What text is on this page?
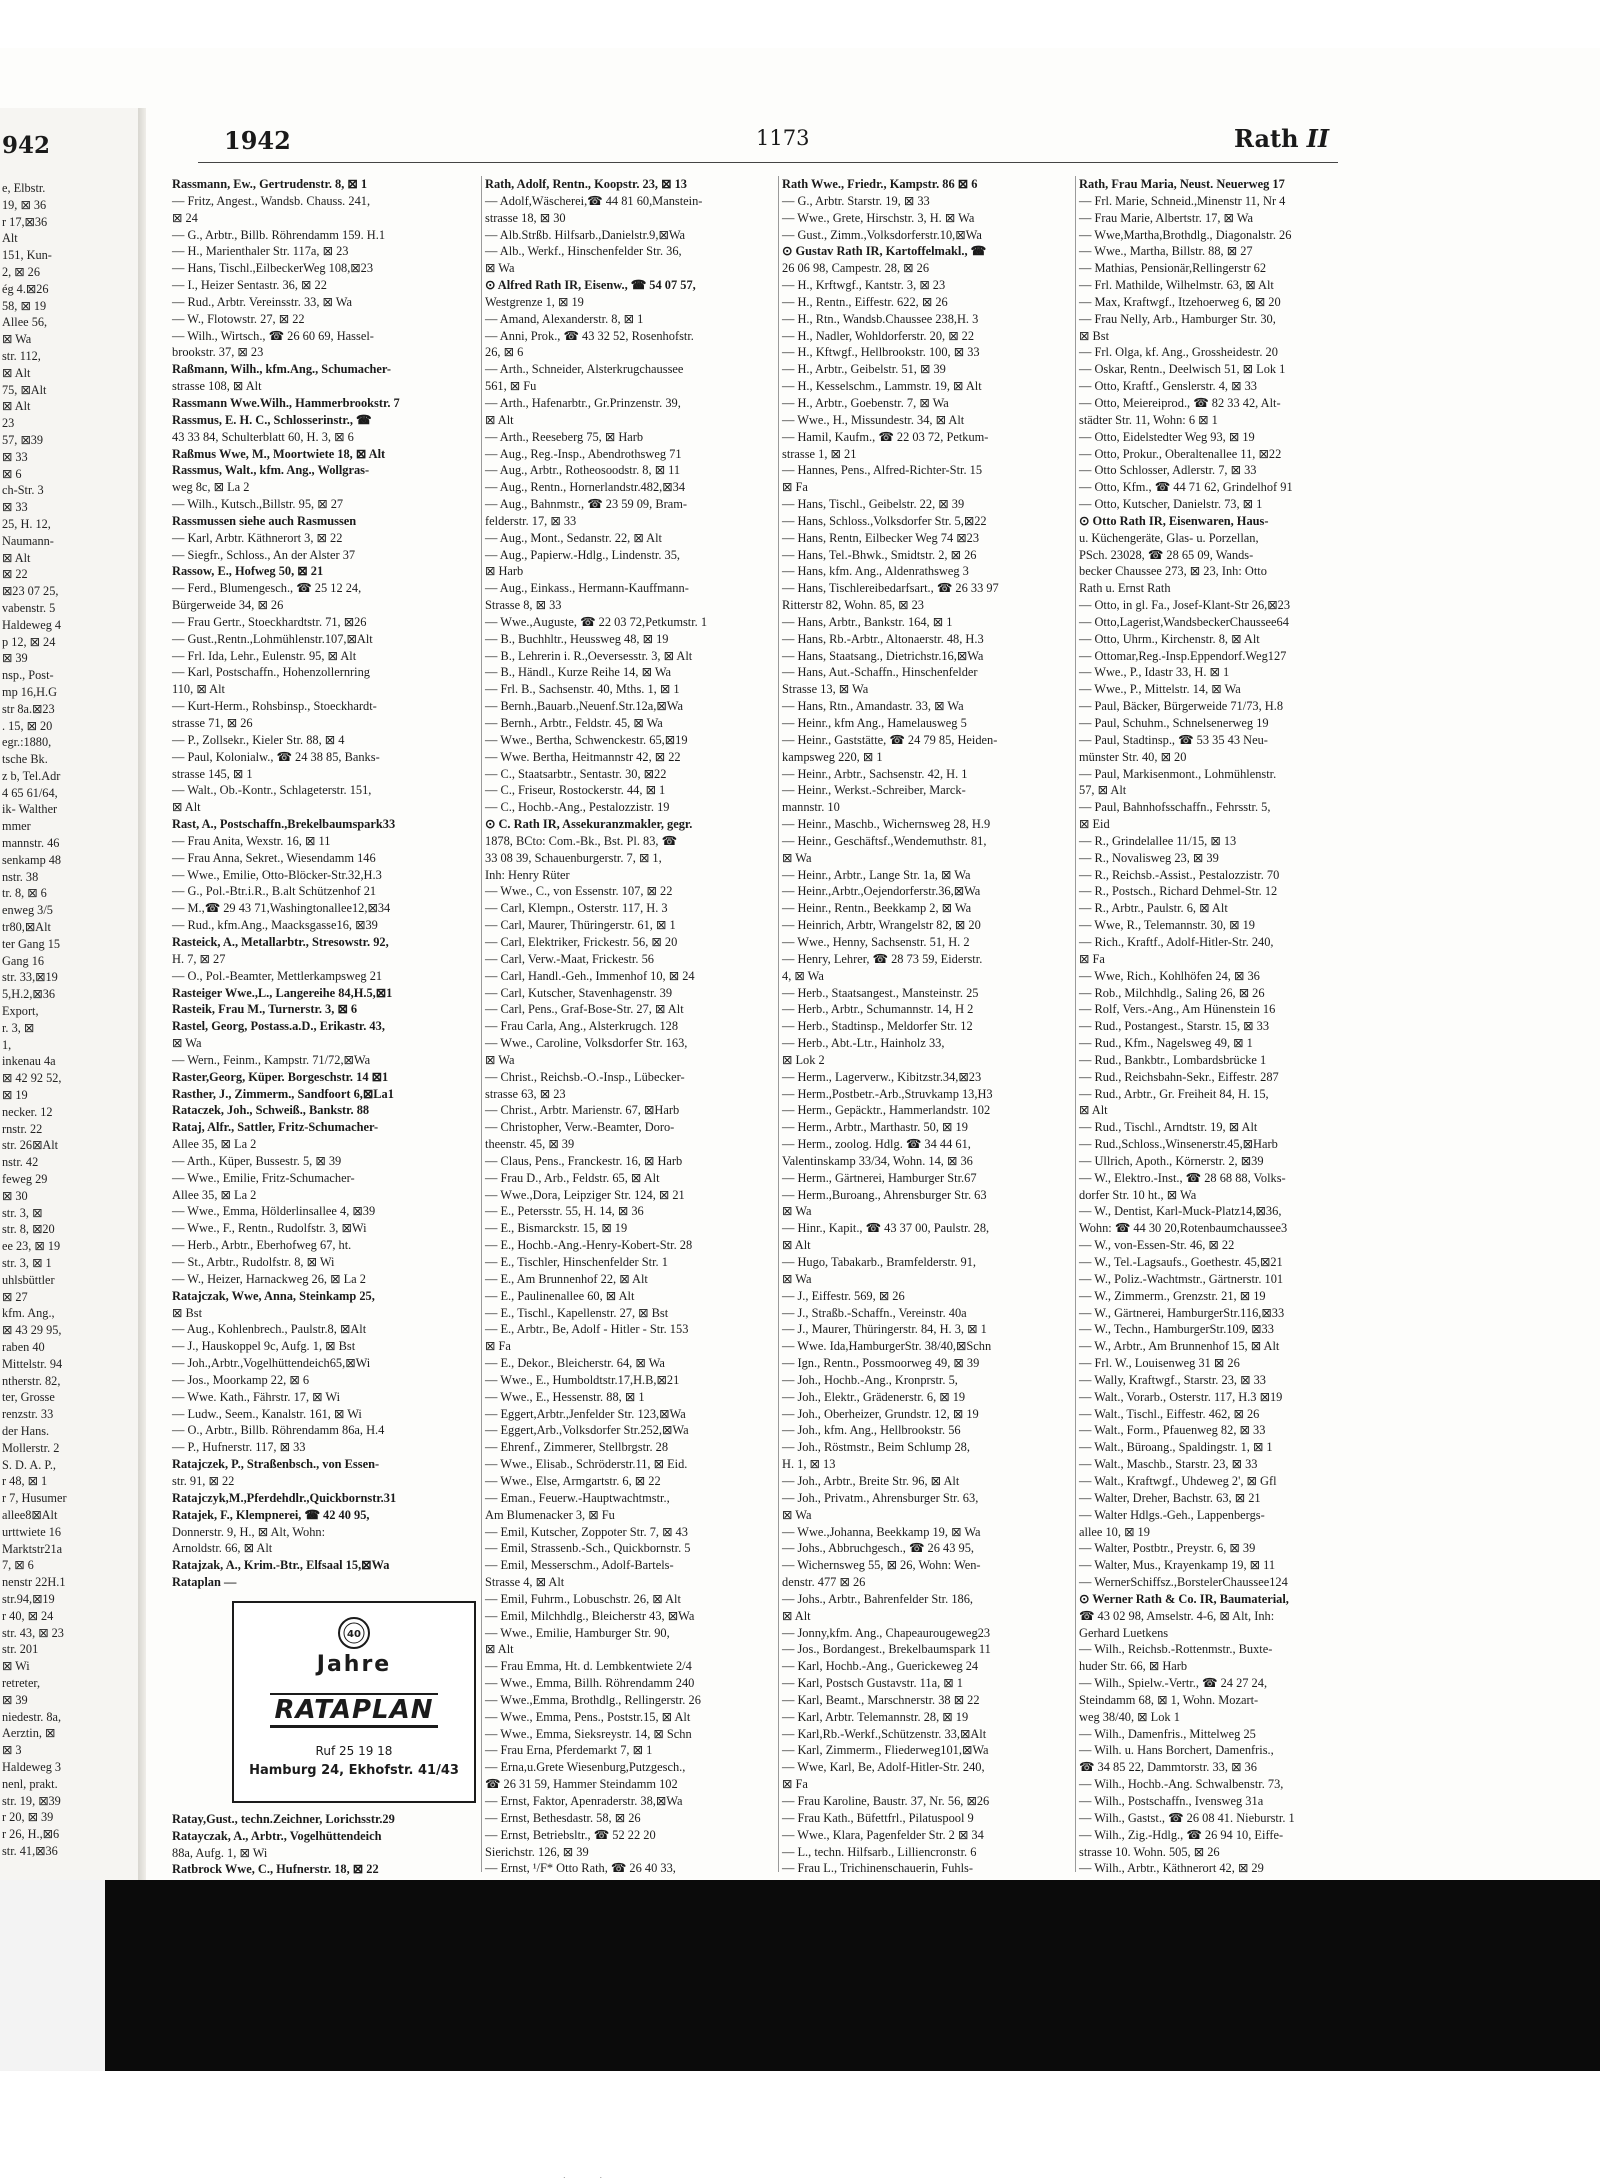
942
e, Elbstr.
19, ⊠ 36
r 17,⊠36
Alt
151, Kun-
2, ⊠ 26
ég 4.⊠26
58, ⊠ 19
Allee 56,
⊠ Wa
str. 112,
⊠ Alt
75, ⊠Alt
⊠ Alt
23
57, ⊠39
⊠ 33
⊠ 6
ch-Str. 3
⊠ 33
25, H. 12,
Naumann-
⊠ Alt
⊠ 22
⊠23 07 25,
vabenstr. 5
Haldeweg 4
p 12, ⊠ 24
⊠ 39
nsp., Post-
mp 16,H.G
str 8a.⊠23
. 15, ⊠ 20
egr.:1880,
tsche Bk.
z b, Tel.Adr
4 65 61/64,
ik- Walther
mmer
mannstr. 46
senkamp 48
nstr. 38
tr. 8, ⊠ 6
enweg 3/5
tr80,⊠Alt
ter Gang 15
Gang 16
str. 33,⊠19
5,H.2,⊠36
Export,
r. 3, ⊠
1,
inkenau 4a
⊠ 42 92 52,
⊠ 19
necker. 12
rnstr. 22
str. 26⊠Alt
nstr. 42
feweg 29
⊠ 30
str. 3, ⊠
str. 8, ⊠20
ee 23, ⊠ 19
str. 3, ⊠ 1
uhlsbüttler
⊠ 27
kfm. Ang.,
⊠ 43 29 95,
raben 40
Mittelstr. 94
ntherstr. 82,
ter, Grosse
renzstr. 33
der Hans.
Mollerstr. 2
S. D. A. P.,
r 48, ⊠ 1
r 7, Husumer
allee8⊠Alt
urttwiete 16
Marktstr21a
7, ⊠ 6
nenstr 22H.1
str.94,⊠19
r 40, ⊠ 24
str. 43, ⊠ 23
str. 201
⊠ Wi
retreter,
⊠ 39
niedestr. 8a,
Aerztin, ⊠
⊠ 3
Haldeweg 3
nenl, prakt.
str. 19, ⊠39
r 20, ⊠ 39
r 26, H.,⊠6
str. 41,⊠36
1942	1173	Rath II
Rassmann, Ew., Gertrudenstr. 8, ⊠ 1
— Fritz, Angest., Wandsb. Chauss. 241,
⊠ 24
— G., Arbtr., Billb. Röhrendamm 159. H.1
— H., Marienthaler Str. 117a, ⊠ 23
— Hans, Tischl.,EilbeckerWeg 108,⊠23
— I., Heizer Sentastr. 36, ⊠ 22
— Rud., Arbtr. Vereinsstr. 33, ⊠ Wa
— W., Flotowstr. 27, ⊠ 22
— Wilh., Wirtsch., ☎ 26 60 69, Hassel-
brookstr. 37, ⊠ 23
Raßmann, Wilh., kfm.Ang., Schumacher-
strasse 108, ⊠ Alt
Rassmann Wwe.Wilh., Hammerbrookstr. 7
Rassmus, E. H. C., Schlosserinstr., ☎
43 33 84, Schulterblatt 60, H. 3, ⊠ 6
Raßmus Wwe, M., Moortwiete 18, ⊠ Alt
Rassmus, Walt., kfm. Ang., Wollgras-
weg 8c, ⊠ La 2
— Wilh., Kutsch.,Billstr. 95, ⊠ 27
Rassmussen siehe auch Rasmussen
— Karl, Arbtr. Käthnerort 3, ⊠ 22
— Siegfr., Schloss., An der Alster 37
Rassow, E., Hofweg 50, ⊠ 21
— Ferd., Blumengesch., ☎ 25 12 24,
Bürgerweide 34, ⊠ 26
— Frau Gertr., Stoeckhardtstr. 71, ⊠26
— Gust.,Rentn.,Lohmühlenstr.107,⊠Alt
— Frl. Ida, Lehr., Eulenstr. 95, ⊠ Alt
— Karl, Postschaffn., Hohenzollernring
110, ⊠ Alt
— Kurt-Herm., Rohsbinsp., Stoeckhardt-
strasse 71, ⊠ 26
— P., Zollsekr., Kieler Str. 88, ⊠ 4
— Paul, Kolonialw., ☎ 24 38 85, Banks-
strasse 145, ⊠ 1
— Walt., Ob.-Kontr., Schlageterstr. 151,
⊠ Alt
Rast, A., Postschaffn.,Brekelbaumspark33
— Frau Anita, Wexstr. 16, ⊠ 11
— Frau Anna, Sekret., Wiesendamm 146
— Wwe., Emilie, Otto-Blöcker-Str.32,H.3
— G., Pol.-Btr.i.R., B.alt Schützenhof 21
— M.,☎ 29 43 71,Washingtonallee12,⊠34
— Rud., kfm.Ang., Maacksgasse16, ⊠39
Rasteick, A., Metallarbtr., Stresowstr. 92,
H. 7, ⊠ 27
— O., Pol.-Beamter, Mettlerkampsweg 21
Rasteiger Wwe.,L., Langereihe 84,H.5,⊠1
Rasteik, Frau M., Turnerstr. 3, ⊠ 6
Rastel, Georg, Postass.a.D., Erikastr. 43,
⊠ Wa
— Wern., Feinm., Kampstr. 71/72,⊠Wa
Raster,Georg, Küper. Borgeschstr. 14 ⊠1
Rasther, J., Zimmerm., Sandfoort 6,⊠La1
Rataczek, Joh., Schweiß., Bankstr. 88
Rataj, Alfr., Sattler, Fritz-Schumacher-
Allee 35, ⊠ La 2
— Arth., Küper, Bussestr. 5, ⊠ 39
— Wwe., Emilie, Fritz-Schumacher-
Allee 35, ⊠ La 2
— Wwe., Emma, Hölderlinsallee 4, ⊠39
— Wwe., F., Rentn., Rudolfstr. 3, ⊠Wi
— Herb., Arbtr., Eberhofweg 67, ht.
— St., Arbtr., Rudolfstr. 8, ⊠ Wi
— W., Heizer, Harnackweg 26, ⊠ La 2
Ratajczak, Wwe, Anna, Steinkamp 25,
⊠ Bst
— Aug., Kohlenbrech., Paulstr.8, ⊠Alt
— J., Hauskoppel 9c, Aufg. 1, ⊠ Bst
— Joh.,Arbtr.,Vogelhüttendeich65,⊠Wi
— Jos., Moorkamp 22, ⊠ 6
— Wwe. Kath., Fährstr. 17, ⊠ Wi
— Ludw., Seem., Kanalstr. 161, ⊠ Wi
— O., Arbtr., Billb. Röhrendamm 86a, H.4
— P., Hufnerstr. 117, ⊠ 33
Ratajczek, P., Straßenbsch., von Essen-
str. 91, ⊠ 22
Ratajczyk,M.,Pferdehdlr.,Quickbornstr.31
Ratajek, F., Klempnerei, ☎ 42 40 95,
Donnerstr. 9, H., ⊠ Alt, Wohn:
Arnoldstr. 66, ⊠ Alt
Ratajzak, A., Krim.-Btr., Elfsaal 15,⊠Wa
Rataplan —
40
Jahre
RATAPLAN
Ruf 25 19 18
Hamburg 24, Ekhofstr. 41/43
Ratay,Gust., techn.Zeichner, Lorichsstr.29
Ratayczak, A., Arbtr., Vogelhüttendeich
88a, Aufg. 1, ⊠ Wi
Ratbrock Wwe, C., Hufnerstr. 18, ⊠ 22
Rath, Adolf, Rentn., Koopstr. 23, ⊠ 13
— Adolf,Wäscherei,☎ 44 81 60,Manstein-
strasse 18, ⊠ 30
— Alb.Strßb. Hilfsarb.,Danielstr.9,⊠Wa
— Alb., Werkf., Hinschenfelder Str. 36,
⊠ Wa
⊙ Alfred Rath IR, Eisenw., ☎ 54 07 57,
Westgrenze 1, ⊠ 19
— Amand, Alexanderstr. 8, ⊠ 1
— Anni, Prok., ☎ 43 32 52, Rosenhofstr.
26, ⊠ 6
— Arth., Schneider, Alsterkrugchaussee
561, ⊠ Fu
— Arth., Hafenarbtr., Gr.Prinzenstr. 39,
⊠ Alt
— Arth., Reeseberg 75, ⊠ Harb
— Aug., Reg.-Insp., Abendrothsweg 71
— Aug., Arbtr., Rotheosoodstr. 8, ⊠ 11
— Aug., Rentn., Hornerlandstr.482,⊠34
— Aug., Bahnmstr., ☎ 23 59 09, Bram-
felderstr. 17, ⊠ 33
— Aug., Mont., Sedanstr. 22, ⊠ Alt
— Aug., Papierw.-Hdlg., Lindenstr. 35,
⊠ Harb
— Aug., Einkass., Hermann-Kauffmann-
Strasse 8, ⊠ 33
— Wwe.,Auguste, ☎ 22 03 72,Petkumstr. 1
— B., Buchhltr., Heussweg 48, ⊠ 19
— B., Lehrerin i. R.,Oeversesstr. 3, ⊠ Alt
— B., Händl., Kurze Reihe 14, ⊠ Wa
— Frl. B., Sachsenstr. 40, Mths. 1, ⊠ 1
— Bernh.,Bauarb.,Neuenf.Str.12a,⊠Wa
— Bernh., Arbtr., Feldstr. 45, ⊠ Wa
— Wwe., Bertha, Schwenckestr. 65,⊠19
— Wwe. Bertha, Heitmannstr 42, ⊠ 22
— C., Staatsarbtr., Sentastr. 30, ⊠22
— C., Friseur, Rostockerstr. 44, ⊠ 1
— C., Hochb.-Ang., Pestalozzistr. 19
⊙ C. Rath IR, Assekuranzmakler, gegr.
1878, BCto: Com.-Bk., Bst. Pl. 83, ☎
33 08 39, Schauenburgerstr. 7, ⊠ 1,
Inh: Henry Rüter
— Wwe., C., von Essenstr. 107, ⊠ 22
— Carl, Klempn., Osterstr. 117, H. 3
— Carl, Maurer, Thüringerstr. 61, ⊠ 1
— Carl, Elektriker, Frickestr. 56, ⊠ 20
— Carl, Verw.-Maat, Frickestr. 56
— Carl, Handl.-Geh., Immenhof 10, ⊠ 24
— Carl, Kutscher, Stavenhagenstr. 39
— Carl, Pens., Graf-Bose-Str. 27, ⊠ Alt
— Frau Carla, Ang., Alsterkrugch. 128
— Wwe., Caroline, Volksdorfer Str. 163,
⊠ Wa
— Christ., Reichsb.-O.-Insp., Lübecker-
strasse 63, ⊠ 23
— Christ., Arbtr. Marienstr. 67, ⊠Harb
— Christopher, Verw.-Beamter, Doro-
theenstr. 45, ⊠ 39
— Claus, Pens., Franckestr. 16, ⊠ Harb
— Frau D., Arb., Feldstr. 65, ⊠ Alt
— Wwe.,Dora, Leipziger Str. 124, ⊠ 21
— E., Petersstr. 55, H. 14, ⊠ 36
— E., Bismarckstr. 15, ⊠ 19
— E., Hochb.-Ang.-Henry-Kobert-Str. 28
— E., Tischler, Hinschenfelder Str. 1
— E., Am Brunnenhof 22, ⊠ Alt
— E., Paulinenallee 60, ⊠ Alt
— E., Tischl., Kapellenstr. 27, ⊠ Bst
— E., Arbtr., Be, Adolf - Hitler - Str. 153
⊠ Fa
— E., Dekor., Bleicherstr. 64, ⊠ Wa
— Wwe., E., Humboldtstr.17,H.B,⊠21
— Wwe., E., Hessenstr. 88, ⊠ 1
— Eggert,Arbtr.,Jenfelder Str. 123,⊠Wa
— Eggert,Arb.,Volksdorfer Str.252,⊠Wa
— Ehrenf., Zimmerer, Stellbrgstr. 28
— Wwe., Elisab., Schröderstr.11, ⊠ Eid.
— Wwe., Else, Armgartstr. 6, ⊠ 22
— Eman., Feuerw.-Hauptwachtmstr.,
Am Blumenacker 3, ⊠ Fu
— Emil, Kutscher, Zoppoter Str. 7, ⊠ 43
— Emil, Strassenb.-Sch., Quickbornstr. 5
— Emil, Messerschm., Adolf-Bartels-
Strasse 4, ⊠ Alt
— Emil, Fuhrm., Lobuschstr. 26, ⊠ Alt
— Emil, Milchhdlg., Bleicherstr 43, ⊠Wa
— Wwe., Emilie, Hamburger Str. 90,
⊠ Alt
— Frau Emma, Ht. d. Lembkentwiete 2/4
— Wwe., Emma, Billh. Röhrendamm 240
— Wwe.,Emma, Brothdlg., Rellingerstr. 26
— Wwe., Emma, Pens., Poststr.15, ⊠ Alt
— Wwe., Emma, Sieksreystr. 14, ⊠ Schn
— Frau Erna, Pferdemarkt 7, ⊠ 1
— Erna,u.Grete Wiesenburg,Putzgesch.,
☎ 26 31 59, Hammer Steindamm 102
— Ernst, Faktor, Apenraderstr. 38,⊠Wa
— Ernst, Bethesdastr. 58, ⊠ 26
— Ernst, Betriebsltr., ☎ 52 22 20
Sierichstr. 126, ⊠ 39
— Ernst, ¹/F* Otto Rath, ☎ 26 40 33,
Rath Wwe., Friedr., Kampstr. 86 ⊠ 6
— G., Arbtr. Starstr. 19, ⊠ 33
— Wwe., Grete, Hirschstr. 3, H. ⊠ Wa
— Gust., Zimm.,Volksdorferstr.10,⊠Wa
⊙ Gustav Rath IR, Kartoffelmakl., ☎
26 06 98, Campestr. 28, ⊠ 26
— H., Krftwgf., Kantstr. 3, ⊠ 23
— H., Rentn., Eiffestr. 622, ⊠ 26
— H., Rtn., Wandsb.Chaussee 238,H. 3
— H., Nadler, Wohldorferstr. 20, ⊠ 22
— H., Kftwgf., Hellbrookstr. 100, ⊠ 33
— H., Arbtr., Geibelstr. 51, ⊠ 39
— H., Kesselschm., Lammstr. 19, ⊠ Alt
— H., Arbtr., Goebenstr. 7, ⊠ Wa
— Wwe., H., Missundestr. 34, ⊠ Alt
— Hamil, Kaufm., ☎ 22 03 72, Petkum-
strasse 1, ⊠ 21
— Hannes, Pens., Alfred-Richter-Str. 15
⊠ Fa
— Hans, Tischl., Geibelstr. 22, ⊠ 39
— Hans, Schloss.,Volksdorfer Str. 5,⊠22
— Hans, Rentn, Eilbecker Weg 74 ⊠23
— Hans, Tel.-Bhwk., Smidtstr. 2, ⊠ 26
— Hans, kfm. Ang., Aldenrathsweg 3
— Hans, Tischlereibedarfsart., ☎ 26 33 97
Ritterstr 82, Wohn. 85, ⊠ 23
— Hans, Arbtr., Bankstr. 164, ⊠ 1
— Hans, Rb.-Arbtr., Altonaerstr. 48, H.3
— Hans, Staatsang., Dietrichstr.16,⊠Wa
— Hans, Aut.-Schaffn., Hinschenfelder
Strasse 13, ⊠ Wa
— Hans, Rtn., Amandastr. 33, ⊠ Wa
— Heinr., kfm Ang., Hamelausweg 5
— Heinr., Gaststätte, ☎ 24 79 85, Heiden-
kampsweg 220, ⊠ 1
— Heinr., Arbtr., Sachsenstr. 42, H. 1
— Heinr., Werkst.-Schreiber, Marck-
mannstr. 10
— Heinr., Maschb., Wichernsweg 28, H.9
— Heinr., Geschäftsf.,Wendemuthstr. 81,
⊠ Wa
— Heinr., Arbtr., Lange Str. 1a, ⊠ Wa
— Heinr.,Arbtr.,Oejendorferstr.36,⊠Wa
— Heinr., Rentn., Beekkamp 2, ⊠ Wa
— Heinrich, Arbtr, Wrangelstr 82, ⊠ 20
— Wwe., Henny, Sachsenstr. 51, H. 2
— Henry, Lehrer, ☎ 28 73 59, Eiderstr.
4, ⊠ Wa
— Herb., Staatsangest., Mansteinstr. 25
— Herb., Arbtr., Schumannstr. 14, H 2
— Herb., Stadtinsp., Meldorfer Str. 12
— Herb., Abt.-Ltr., Hainholz 33,
⊠ Lok 2
— Herm., Lagerverw., Kibitzstr.34,⊠23
— Herm.,Postbetr.-Arb.,Struvkamp 13,H3
— Herm., Gepäcktr., Hammerlandstr. 102
— Herm., Arbtr., Marthastr. 50, ⊠ 19
— Herm., zoolog. Hdlg. ☎ 34 44 61,
Valentinskamp 33/34, Wohn. 14, ⊠ 36
— Herm., Gärtnerei, Hamburger Str.67
— Herm.,Buroang., Ahrensburger Str. 63
⊠ Wa
— Hinr., Kapit., ☎ 43 37 00, Paulstr. 28,
⊠ Alt
— Hugo, Tabakarb., Bramfelderstr. 91,
⊠ Wa
— J., Eiffestr. 569, ⊠ 26
— J., Straßb.-Schaffn., Vereinstr. 40a
— J., Maurer, Thüringerstr. 84, H. 3, ⊠ 1
— Wwe. Ida,HamburgerStr. 38/40,⊠Schn
— Ign., Rentn., Possmoorweg 49, ⊠ 39
— Joh., Hochb.-Ang., Kronprstr. 5,
— Joh., Elektr., Grädenerstr. 6, ⊠ 19
— Joh., Oberheizer, Grundstr. 12, ⊠ 19
— Joh., kfm. Ang., Hellbrookstr. 56
— Joh., Röstmstr., Beim Schlump 28,
H. 1, ⊠ 13
— Joh., Arbtr., Breite Str. 96, ⊠ Alt
— Joh., Privatm., Ahrensburger Str. 63,
⊠ Wa
— Wwe.,Johanna, Beekkamp 19, ⊠ Wa
— Johs., Abbruchgesch., ☎ 26 43 95,
— Wichernsweg 55, ⊠ 26, Wohn: Wen-
denstr. 477 ⊠ 26
— Johs., Arbtr., Bahrenfelder Str. 186,
⊠ Alt
— Jonny,kfm. Ang., Chapeaurougeweg23
— Jos., Bordangest., Brekelbaumspark 11
— Karl, Hochb.-Ang., Guerickeweg 24
— Karl, Postsch Gustavstr. 11a, ⊠ 1
— Karl, Beamt., Marschnerstr. 38 ⊠ 22
— Karl, Arbtr. Telemannstr. 28, ⊠ 19
— Karl,Rb.-Werkf.,Schützenstr. 33,⊠Alt
— Karl, Zimmerm., Fliederweg101,⊠Wa
— Wwe, Karl, Be, Adolf-Hitler-Str. 240,
⊠ Fa
— Frau Karoline, Baustr. 37, Nr. 56, ⊠26
— Frau Kath., Büfettfrl., Pilatuspool 9
— Wwe., Klara, Pagenfelder Str. 2 ⊠ 34
— L., techn. Hilfsarb., Lilliencronstr. 6
— Frau L., Trichinenschauerin, Fuhls-
Rath, Frau Maria, Neust. Neuerweg 17
— Frl. Marie, Schneid.,Minenstr 11, Nr 4
— Frau Marie, Albertstr. 17, ⊠ Wa
— Wwe,Martha,Brothdlg., Diagonalstr. 26
— Wwe., Martha, Billstr. 88, ⊠ 27
— Mathias, Pensionär,Rellingerstr 62
— Frl. Mathilde, Wilhelmstr. 63, ⊠ Alt
— Max, Kraftwgf., Itzehoerweg 6, ⊠ 20
— Frau Nelly, Arb., Hamburger Str. 30,
⊠ Bst
— Frl. Olga, kf. Ang., Grossheidestr. 20
— Oskar, Rentn., Deelwisch 51, ⊠ Lok 1
— Otto, Kraftf., Genslerstr. 4, ⊠ 33
— Otto, Meiereiprod., ☎ 82 33 42, Alt-
städter Str. 11, Wohn: 6 ⊠ 1
— Otto, Eidelstedter Weg 93, ⊠ 19
— Otto, Prokur., Oberaltenallee 11, ⊠22
— Otto Schlosser, Adlerstr. 7, ⊠ 33
— Otto, Kfm., ☎ 44 71 62, Grindelhof 91
— Otto, Kutscher, Danielstr. 73, ⊠ 1
⊙ Otto Rath IR, Eisenwaren, Haus-
u. Küchengeräte, Glas- u. Porzellan,
PSch. 23028, ☎ 28 65 09, Wands-
becker Chaussee 273, ⊠ 23, Inh: Otto
Rath u. Ernst Rath
— Otto, in gl. Fa., Josef-Klant-Str 26,⊠23
— Otto,Lagerist,WandsbeckerChaussee64
— Otto, Uhrm., Kirchenstr. 8, ⊠ Alt
— Ottomar,Reg.-Insp.Eppendorf.Weg127
— Wwe., P., Idastr 33, H. ⊠ 1
— Wwe., P., Mittelstr. 14, ⊠ Wa
— Paul, Bäcker, Bürgerweide 71/73, H.8
— Paul, Schuhm., Schnelsenerweg 19
— Paul, Stadtinsp., ☎ 53 35 43 Neu-
münster Str. 40, ⊠ 20
— Paul, Markisenmont., Lohmühlenstr.
57, ⊠ Alt
— Paul, Bahnhofsschaffn., Fehrsstr. 5,
⊠ Eid
— R., Grindelallee 11/15, ⊠ 13
— R., Novalisweg 23, ⊠ 39
— R., Reichsb.-Assist., Pestalozzistr. 70
— R., Postsch., Richard Dehmel-Str. 12
— R., Arbtr., Paulstr. 6, ⊠ Alt
— Wwe, R., Telemannstr. 30, ⊠ 19
— Rich., Kraftf., Adolf-Hitler-Str. 240,
⊠ Fa
— Wwe, Rich., Kohlhöfen 24, ⊠ 36
— Rob., Milchhdlg., Saling 26, ⊠ 26
— Rolf, Vers.-Ang., Am Hünenstein 16
— Rud., Postangest., Starstr. 15, ⊠ 33
— Rud., Kfm., Nagelsweg 49, ⊠ 1
— Rud., Bankbtr., Lombardsbrücke 1
— Rud., Reichsbahn-Sekr., Eiffestr. 287
— Rud., Arbtr., Gr. Freiheit 84, H. 15,
⊠ Alt
— Rud., Tischl., Arndtstr. 19, ⊠ Alt
— Rud.,Schloss.,Winsenerstr.45,⊠Harb
— Ullrich, Apoth., Körnerstr. 2, ⊠39
— W., Elektro.-Inst., ☎ 28 68 88, Volks-
dorfer Str. 10 ht., ⊠ Wa
— W., Dentist, Karl-Muck-Platz14,⊠36,
Wohn: ☎ 44 30 20,Rotenbaumchaussee3
— W., von-Essen-Str. 46, ⊠ 22
— W., Tel.-Lagsaufs., Goethestr. 45,⊠21
— W., Poliz.-Wachtmstr., Gärtnerstr. 101
— W., Zimmerm., Grenzstr. 21, ⊠ 19
— W., Gärtnerei, HamburgerStr.116,⊠33
— W., Techn., HamburgerStr.109, ⊠33
— W., Arbtr., Am Brunnenhof 15, ⊠ Alt
— Frl. W., Louisenweg 31 ⊠ 26
— Wally, Kraftwgf., Starstr. 23, ⊠ 33
— Walt., Vorarb., Osterstr. 117, H.3 ⊠19
— Walt., Tischl., Eiffestr. 462, ⊠ 26
— Walt., Form., Pfauenweg 82, ⊠ 33
— Walt., Büroang., Spaldingstr. 1, ⊠ 1
— Walt., Maschb., Starstr. 23, ⊠ 33
— Walt., Kraftwgf., Uhdeweg 2', ⊠ Gfl
— Walter, Dreher, Bachstr. 63, ⊠ 21
— Walter Hdlgs.-Geh., Lappenbergs-
allee 10, ⊠ 19
— Walter, Postbtr., Preystr. 6, ⊠ 39
— Walter, Mus., Krayenkamp 19, ⊠ 11
— WernerSchiffsz.,BorstelerChaussee124
⊙ Werner Rath & Co. IR, Baumaterial,
☎ 43 02 98, Amselstr. 4-6, ⊠ Alt, Inh:
Gerhard Luetkens
— Wilh., Reichsb.-Rottenmstr., Buxte-
huder Str. 66, ⊠ Harb
— Wilh., Spielw.-Vertr., ☎ 24 27 24,
Steindamm 68, ⊠ 1, Wohn. Mozart-
weg 38/40, ⊠ Lok 1
— Wilh., Damenfris., Mittelweg 25
— Wilh. u. Hans Borchert, Damenfris.,
☎ 34 85 22, Dammtorstr. 33, ⊠ 36
— Wilh., Hochb.-Ang. Schwalbenstr. 73,
— Wilh., Postschaffn., Ivensweg 31a
— Wilh., Gastst., ☎ 26 08 41. Nieburstr. 1
— Wilh., Zig.-Hdlg., ☎ 26 94 10, Eiffe-
strasse 10. Wohn. 505, ⊠ 26
— Wilh., Arbtr., Käthnerort 42, ⊠ 29
